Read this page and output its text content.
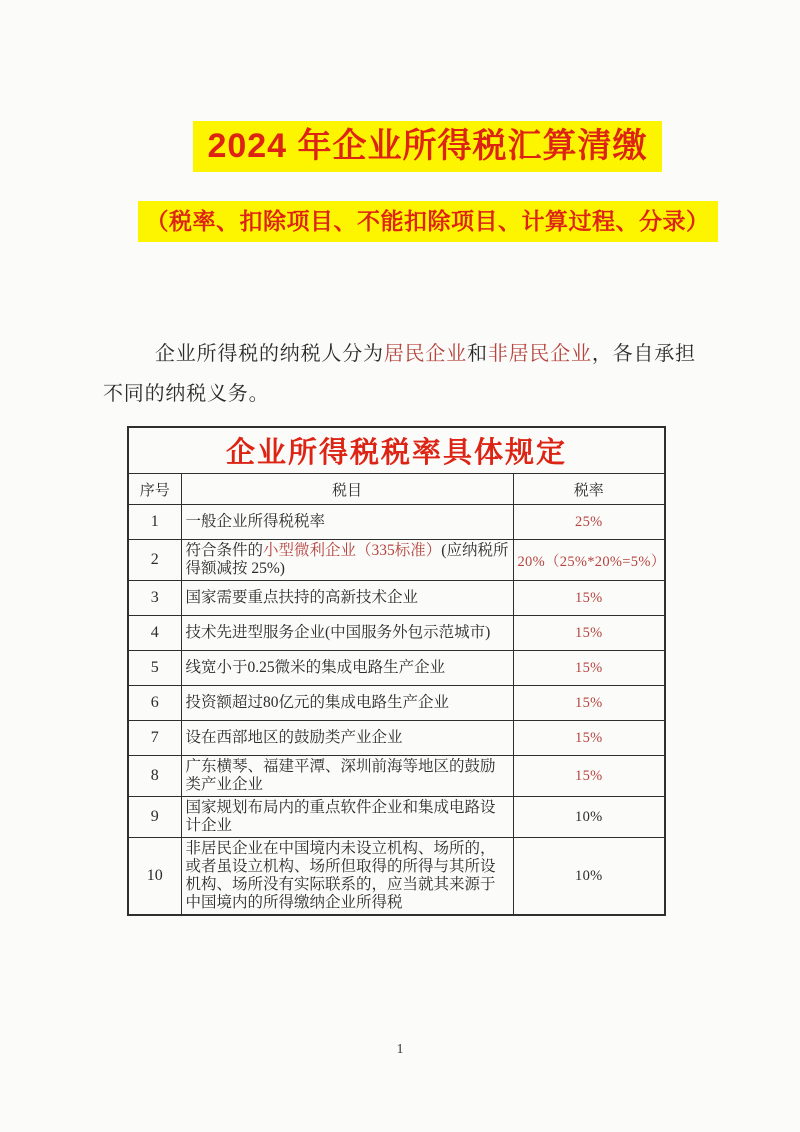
2024 年企业所得税汇算清缴
（税率、扣除项目、不能扣除项目、计算过程、分录）

企业所得税的纳税人分为居民企业和非居民企业，各自承担不同的纳税义务。

企业所得税税率具体规定		
序号	税目	税率
1	一般企业所得税税率	25%
2	符合条件的小型微利企业（335标准）(应纳税所得额减按 25%)	20%（25%*20%=5%）
3	国家需要重点扶持的高新技术企业	15%
4	技术先进型服务企业(中国服务外包示范城市)	15%
5	线宽小于0.25微米的集成电路生产企业	15%
6	投资额超过80亿元的集成电路生产企业	15%
7	设在西部地区的鼓励类产业企业	15%
8	广东横琴、福建平潭、深圳前海等地区的鼓励类产业企业	15%
9	国家规划布局内的重点软件企业和集成电路设计企业	10%
10	非居民企业在中国境内未设立机构、场所的，或者虽设立机构、场所但取得的所得与其所设机构、场所没有实际联系的，应当就其来源于中国境内的所得缴纳企业所得税	10%
1
